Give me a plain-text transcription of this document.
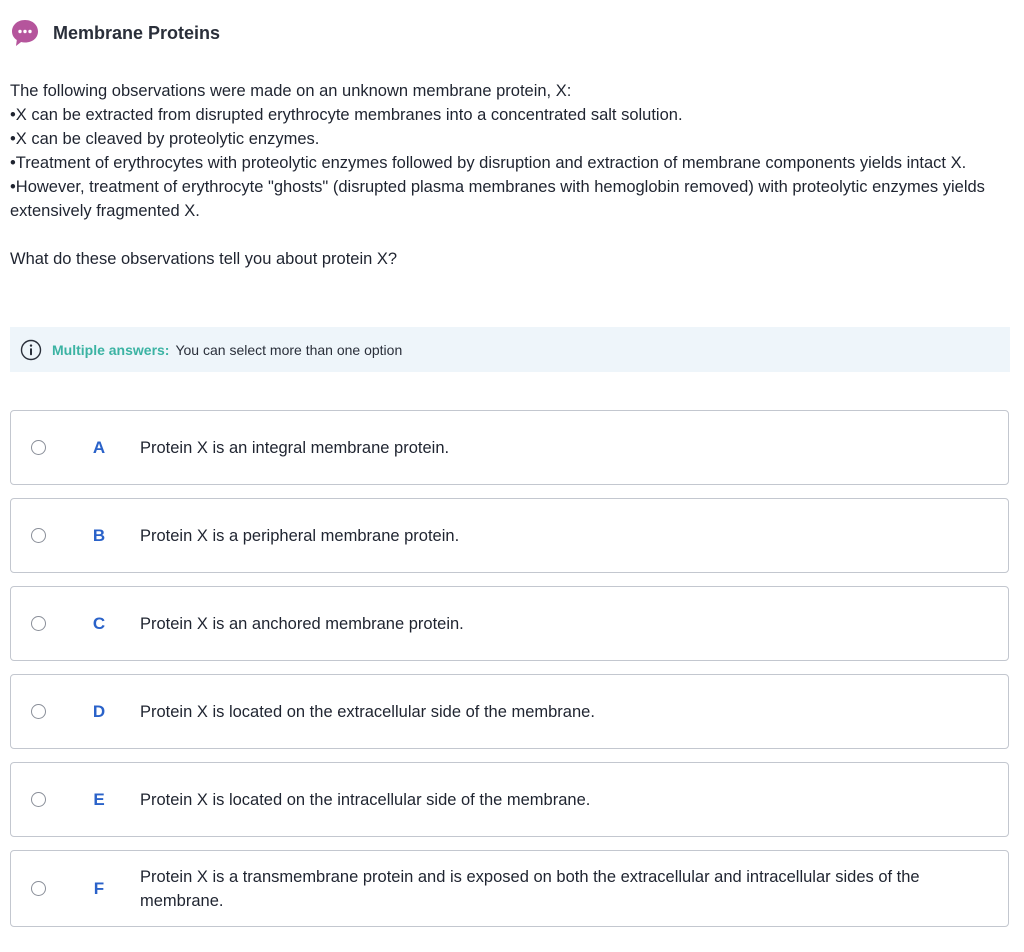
Membrane Proteins

The following observations were made on an unknown membrane protein, X:

•X can be extracted from disrupted erythrocyte membranes into a concentrated salt solution.

•X can be cleaved by proteolytic enzymes.

•Treatment of erythrocytes with proteolytic enzymes followed by disruption and extraction of membrane components yields intact X.

•However, treatment of erythrocyte "ghosts" (disrupted plasma membranes with hemoglobin removed) with proteolytic enzymes yields extensively fragmented X.

What do these observations tell you about protein X?

Multiple answers: You can select more than one option
A Protein X is an integral membrane protein.
B Protein X is a peripheral membrane protein.
C Protein X is an anchored membrane protein.
D Protein X is located on the extracellular side of the membrane.
E Protein X is located on the intracellular side of the membrane.
F
Protein X is a transmembrane protein and is exposed on both the extracellular and intracellular sides of the membrane.
